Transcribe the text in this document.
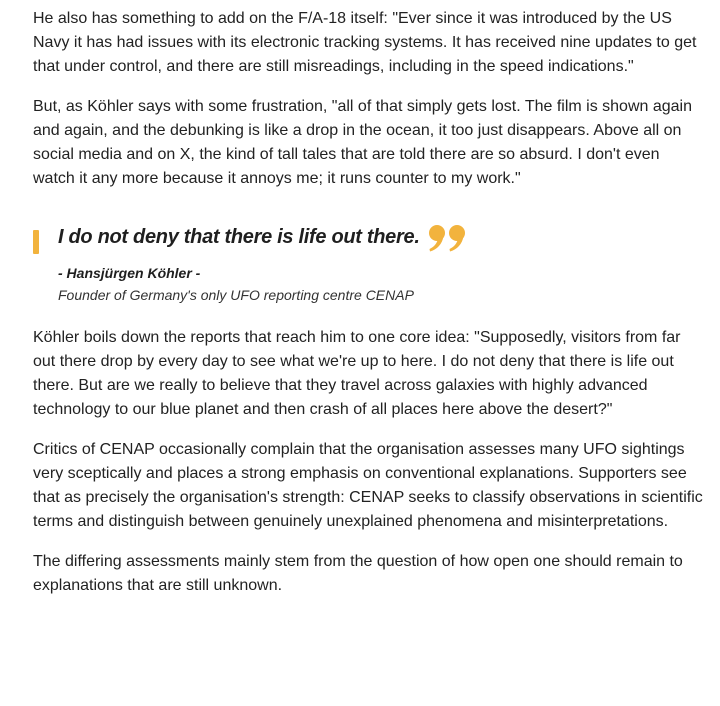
He also has something to add on the F/A-18 itself: "Ever since it was introduced by the US Navy it has had issues with its electronic tracking systems. It has received nine updates to get that under control, and there are still misreadings, including in the speed indications."

But, as Köhler says with some frustration, "all of that simply gets lost. The film is shown again and again, and the debunking is like a drop in the ocean, it too just disappears. Above all on social media and on X, the kind of tall tales that are told there are so absurd. I don't even watch it any more because it annoys me; it runs counter to my work."

I do not deny that there is life out there.
- Hansjürgen Köhler -
Founder of Germany's only UFO reporting centre CENAP

Köhler boils down the reports that reach him to one core idea: "Supposedly, visitors from far out there drop by every day to see what we're up to here. I do not deny that there is life out there. But are we really to believe that they travel across galaxies with highly advanced technology to our blue planet and then crash of all places here above the desert?"

Critics of CENAP occasionally complain that the organisation assesses many UFO sightings very sceptically and places a strong emphasis on conventional explanations. Supporters see that as precisely the organisation's strength: CENAP seeks to classify observations in scientific terms and distinguish between genuinely unexplained phenomena and misinterpretations.

The differing assessments mainly stem from the question of how open one should remain to explanations that are still unknown.
